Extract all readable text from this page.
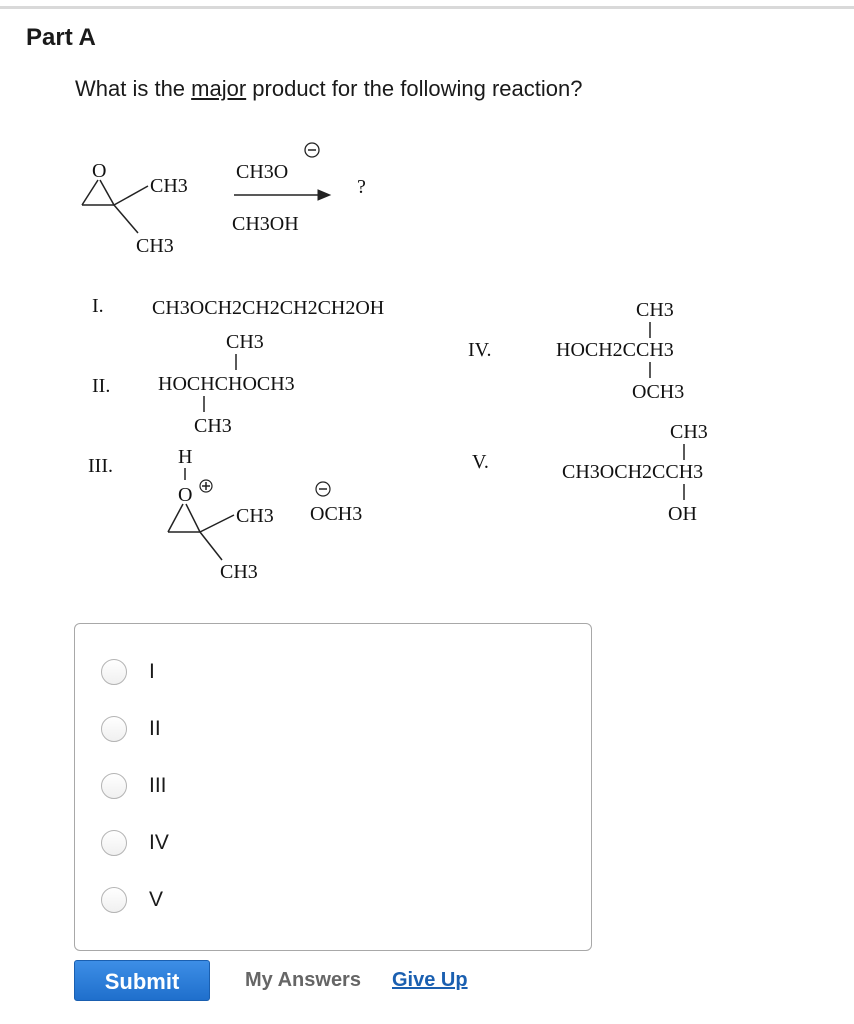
Part A
What is the major product for the following reaction?
O
CH3
CH3
CH3O
CH3OH
?
I. CH3OCH2CH2CH2CH2OH
CH3
II. HOCHCHOCH3
CH3
III.	H
O
CH3
CH3
OCH3
IV.
CH3
HOCH2CCH3
OCH3
V.
CH3
CH3OCH2CCH3
OH
I
II
III
IV
V
Submit	My Answers Give Up
